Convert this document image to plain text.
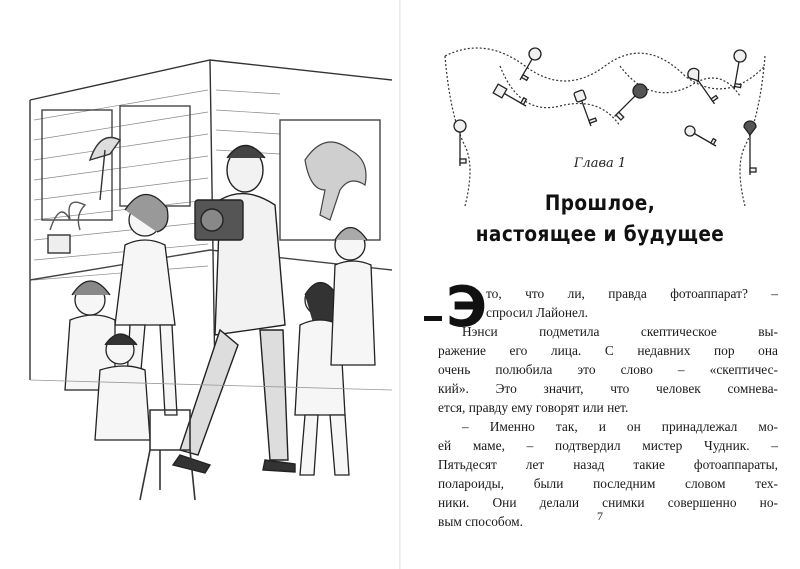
Глава 1
Прошлое,
настоящее и будущее
Э
то, что ли, правда фотоаппарат? –
спросил Лайонел.
Нэнси подметила скептическое вы-
ражение его лица. С недавних пор она
очень полюбила это слово – «скептичес-
кий». Это значит, что человек сомнева-
ется, правду ему говорят или нет.
– Именно так, и он принадлежал мо-
ей маме, – подтвердил мистер Чудник. –
Пятьдесят лет назад такие фотоаппараты,
полароиды, были последним словом тех-
ники. Они делали снимки совершенно но-
вым способом.	7
